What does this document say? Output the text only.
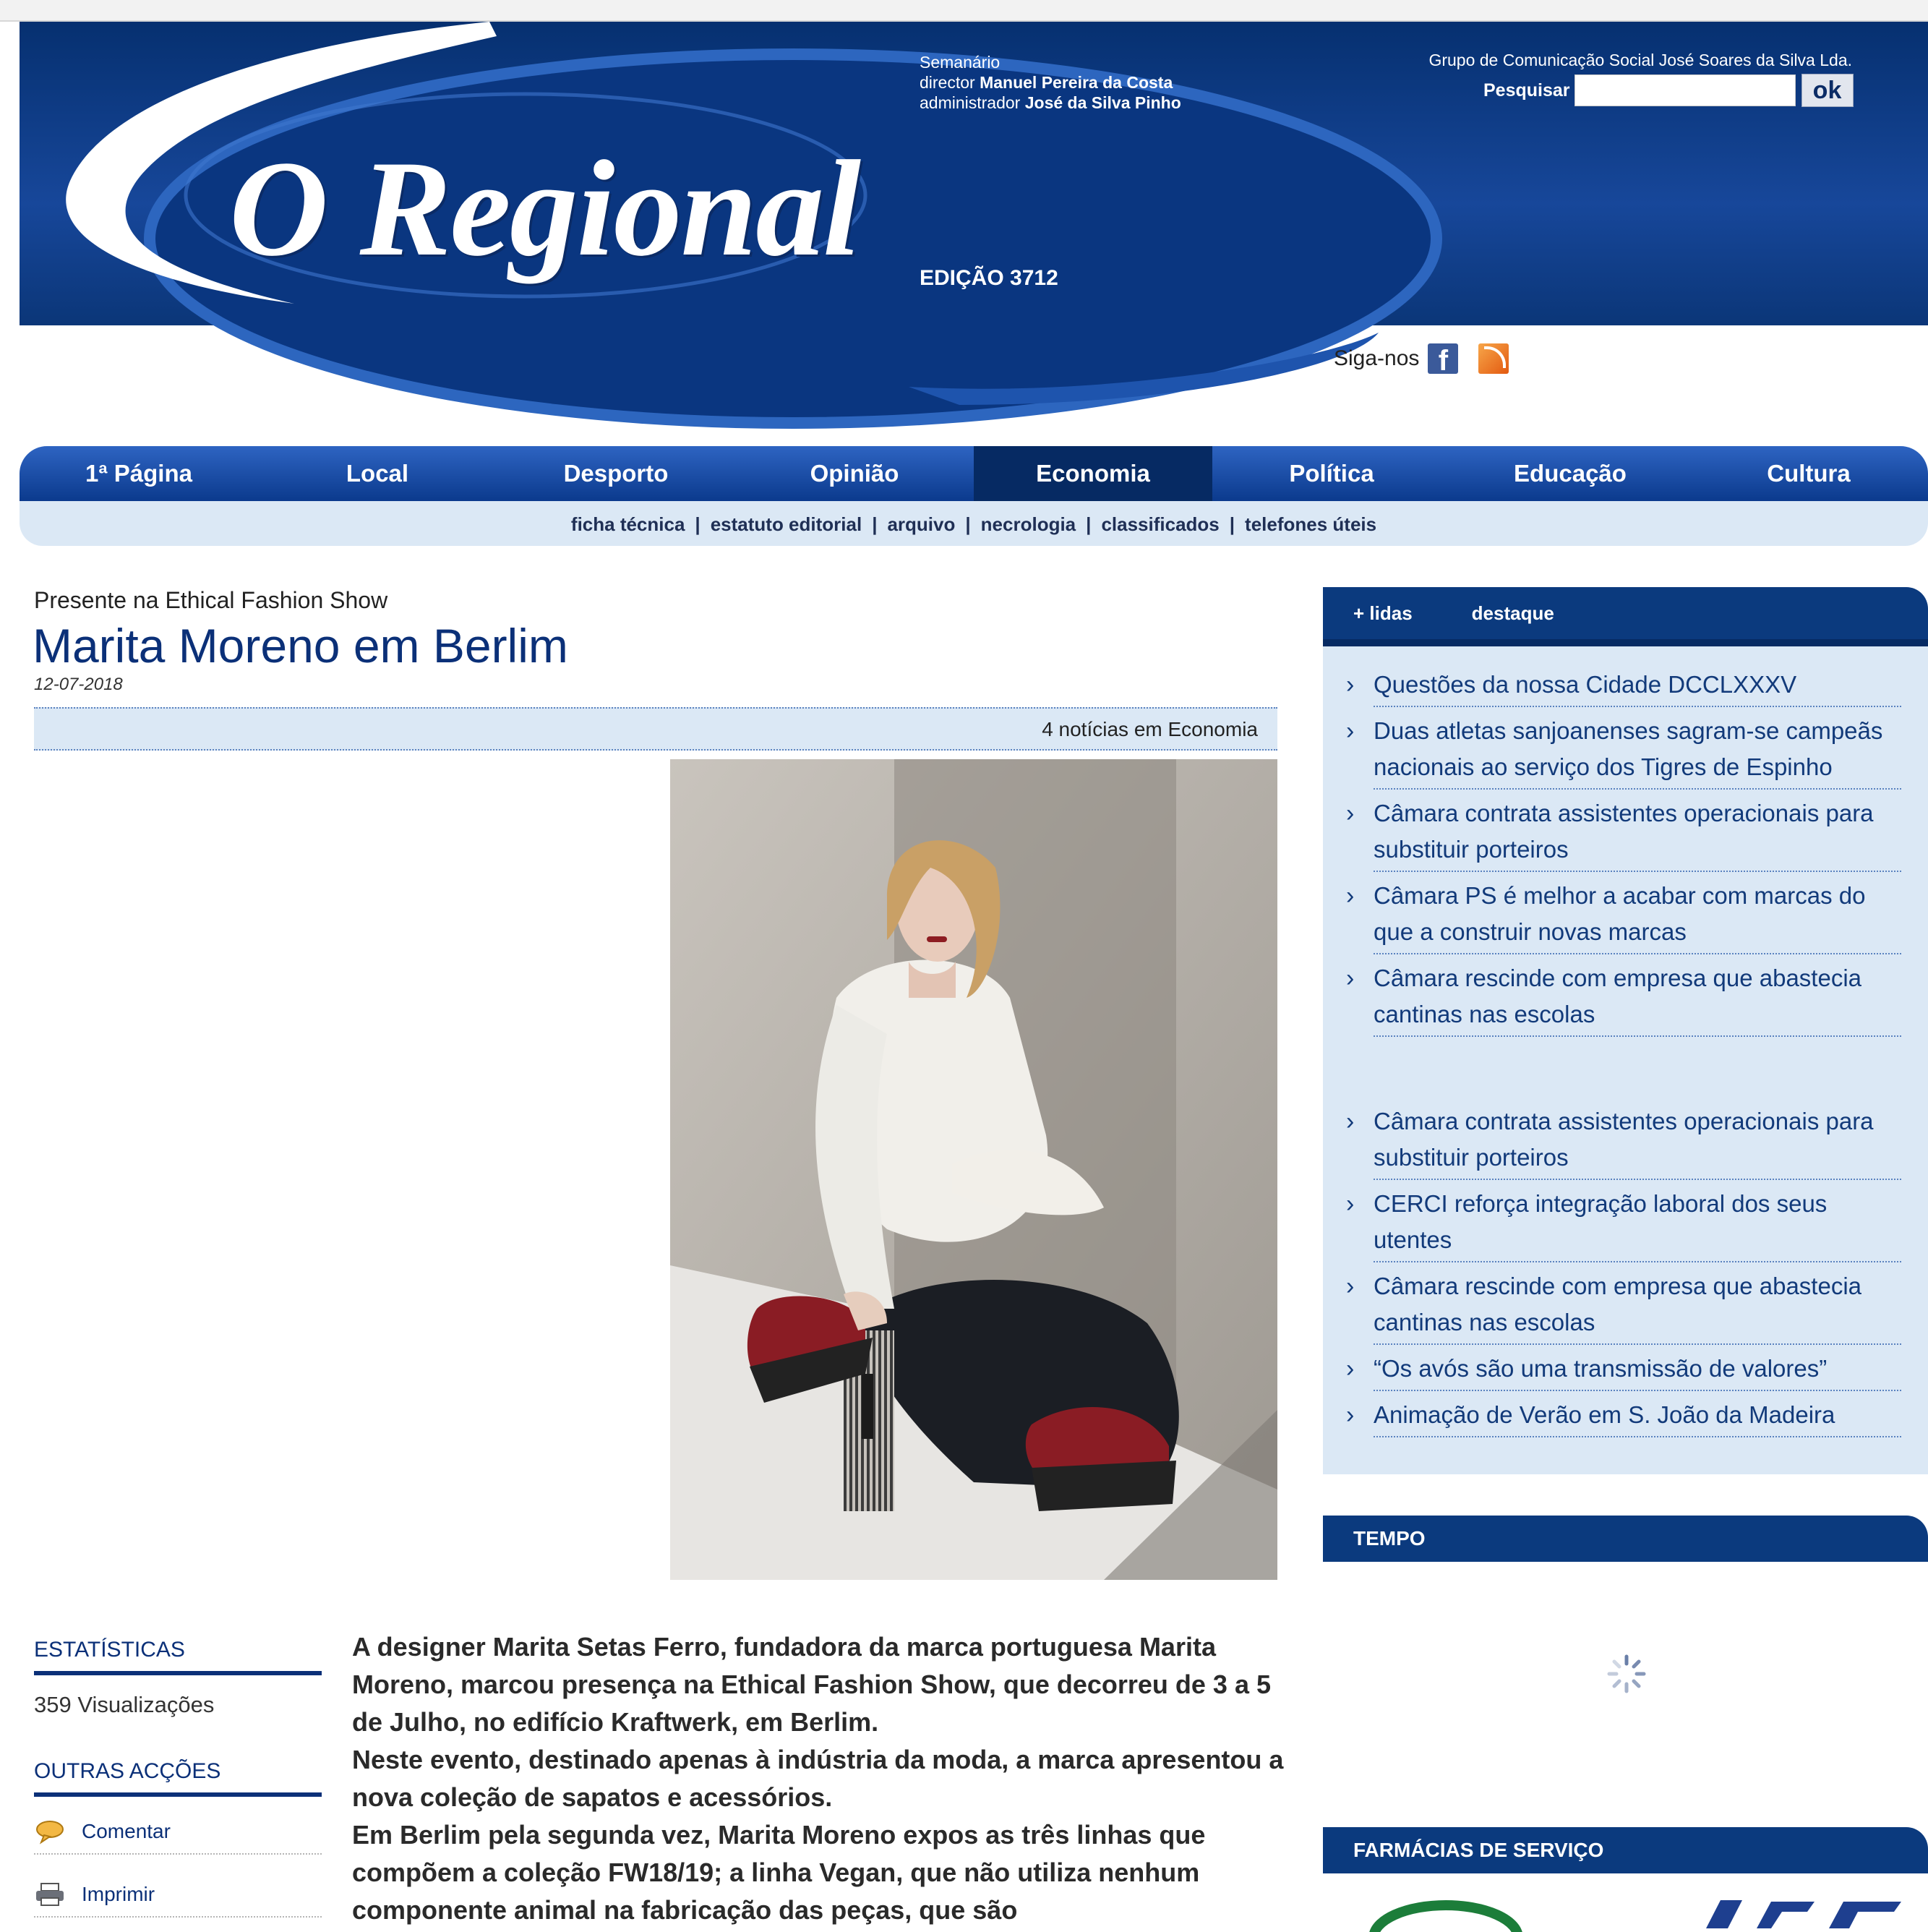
O Regional
Semanário
director Manuel Pereira da Costa
administrador José da Silva Pinho
EDIÇÃO 3712
Grupo de Comunicação Social José Soares da Silva Lda.
Pesquisar	ok
Siga-nos f
1ª Página	Local	Desporto	Opinião	Economia	Política	Educação	Cultura
ficha técnica | estatuto editorial | arquivo | necrologia | classificados | telefones úteis
Presente na Ethical Fashion Show
Marita Moreno em Berlim
12-07-2018
4 notícias em Economia
ESTATÍSTICAS
359 Visualizações
OUTRAS ACÇÕES
Comentar
Imprimir

A designer Marita Setas Ferro, fundadora da marca portuguesa Marita Moreno, marcou presença na Ethical Fashion Show, que decorreu de 3 a 5 de Julho, no edifício Kraftwerk, em Berlim.

Neste evento, destinado apenas à indústria da moda, a marca apresentou a nova coleção de sapatos e acessórios.

Em Berlim pela segunda vez, Marita Moreno expos as três linhas que compõem a coleção FW18/19; a linha Vegan, que não utiliza nenhum componente animal na fabricação das peças, que são

+ lidas	destaque
› Questões da nossa Cidade DCCLXXXV
› Duas atletas sanjoanenses sagram-se campeãs nacionais ao serviço dos Tigres de Espinho
› Câmara contrata assistentes operacionais para substituir porteiros
› Câmara PS é melhor a acabar com marcas do que a construir novas marcas
› Câmara rescinde com empresa que abastecia cantinas nas escolas
› Câmara contrata assistentes operacionais para substituir porteiros
› CERCI reforça integração laboral dos seus utentes
› Câmara rescinde com empresa que abastecia cantinas nas escolas
› “Os avós são uma transmissão de valores”
› Animação de Verão em S. João da Madeira
TEMPO
FARMÁCIAS DE SERVIÇO
